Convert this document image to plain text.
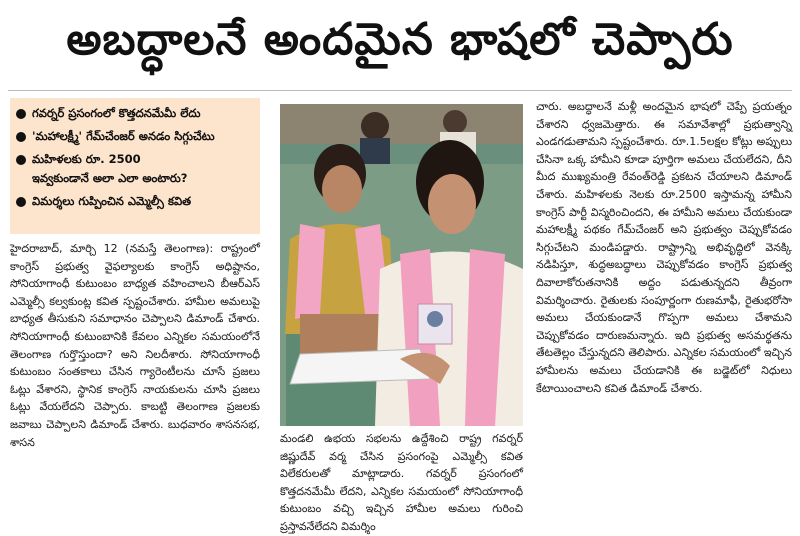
అబద్ధాలనే అందమైన భాషలో చెప్పారు
గవర్నర్ ప్రసంగంలో కొత్తదనమేమీ లేదు
'మహాలక్ష్మీ' గేమ్‌చేంజర్ అనడం సిగ్గుచేటు
మహిళలకు రూ. 2500
ఇవ్వకుండానే అలా ఎలా అంటారు?
విమర్శలు గుప్పించిన ఎమ్మెల్సీ కవిత
హైదరాబాద్, మార్చి 12 (నమస్తే తెలంగాణ): రాష్ట్రంలో కాంగ్రెస్ ప్రభుత్వ వైఫల్యాలకు కాంగ్రెస్ అధిష్టానం, సోనియాగాంధీ కుటుంబం బాధ్యత వహించాలని బీఆర్ఎస్ ఎమ్మెల్సీ కల్వకుంట్ల కవిత స్పష్టంచేశారు. హామీల అమలుపై బాధ్యత తీసుకుని సమాధానం చెప్పాలని డిమాండ్ చేశారు. సోనియాగాంధీ కుటుంబానికి కేవలం ఎన్నికల సమయంలోనే తెలంగాణ గుర్తొస్తుందా? అని నిలదీశారు. సోనియాగాంధీ కుటుంబం సంతకాలు చేసిన గ్యారెంటీలను చూసే ప్రజలు ఓట్లు వేశారని, స్థానిక కాంగ్రెస్ నాయకులను చూసి ప్రజలు ఓట్లు వేయలేదని చెప్పారు. కాబట్టి తెలంగాణ ప్రజలకు జవాబు చెప్పాలని డిమాండ్ చేశారు. బుధవారం శాసనసభ, శాసన	మండలి ఉభయ సభలను ఉద్దేశించి రాష్ట్ర గవర్నర్ జిష్ణుదేవ్ వర్మ చేసిన ప్రసంగంపై ఎమ్మెల్సీ కవిత విలేకరులతో మాట్లాడారు. గవర్నర్ ప్రసంగంలో కొత్తదనమేమీ లేదని, ఎన్నికల సమయంలో సోనియాగాంధీ కుటుంబం వచ్చి ఇచ్చిన హామీల అమలు గురించి ప్రస్తావనేలేదని విమర్శిం
చారు. అబద్ధాలనే మళ్లీ అందమైన భాషలో చెప్పే ప్రయత్నం చేశారని ధ్వజమెత్తారు. ఈ సమావేశాల్లో ప్రభుత్వాన్ని ఎండగడుతామని స్పష్టంచేశారు. రూ.1.5లక్షల కోట్లు అప్పులు చేసినా ఒక్క హామీని కూడా పూర్తిగా అమలు చేయలేదని, దీని మీద ముఖ్యమంత్రి రేవంత్‌రెడ్డి ప్రకటన చేయాలని డిమాండ్ చేశారు. మహిళలకు నెలకు రూ.2500 ఇస్తామన్న హామీని కాంగ్రెస్ పార్టీ విస్మరించిందని, ఈ హామీని అమలు చేయకుండా మహాలక్ష్మీ పథకం గేమ్‌చేంజర్ అని ప్రభుత్వం చెప్పుకోవడం సిగ్గుచేటని మండిపడ్డారు. రాష్ట్రాన్ని అభివృద్ధిలో వెనక్కి నడిపిస్తూ, శుద్ధఅబద్ధాలు చెప్పుకోవడం కాంగ్రెస్ ప్రభుత్వ దివాలాకోరుతనానికి అద్దం పడుతున్నదని తీవ్రంగా విమర్శించారు. రైతులకు సంపూర్ణంగా రుణమాఫీ, రైతుభరోసా అమలు చేయకుండానే గొప్పగా అమలు చేశామని చెప్పుకోవడం దారుణమన్నారు. ఇది ప్రభుత్వ అసమర్థతను తేటతెల్లం చేస్తున్నదని తెలిపారు. ఎన్నికల సమయంలో ఇచ్చిన హామీలను అమలు చేయడానికి ఈ బడ్జెట్‌లో నిధులు కేటాయించాలని కవిత డిమాండ్ చేశారు.
